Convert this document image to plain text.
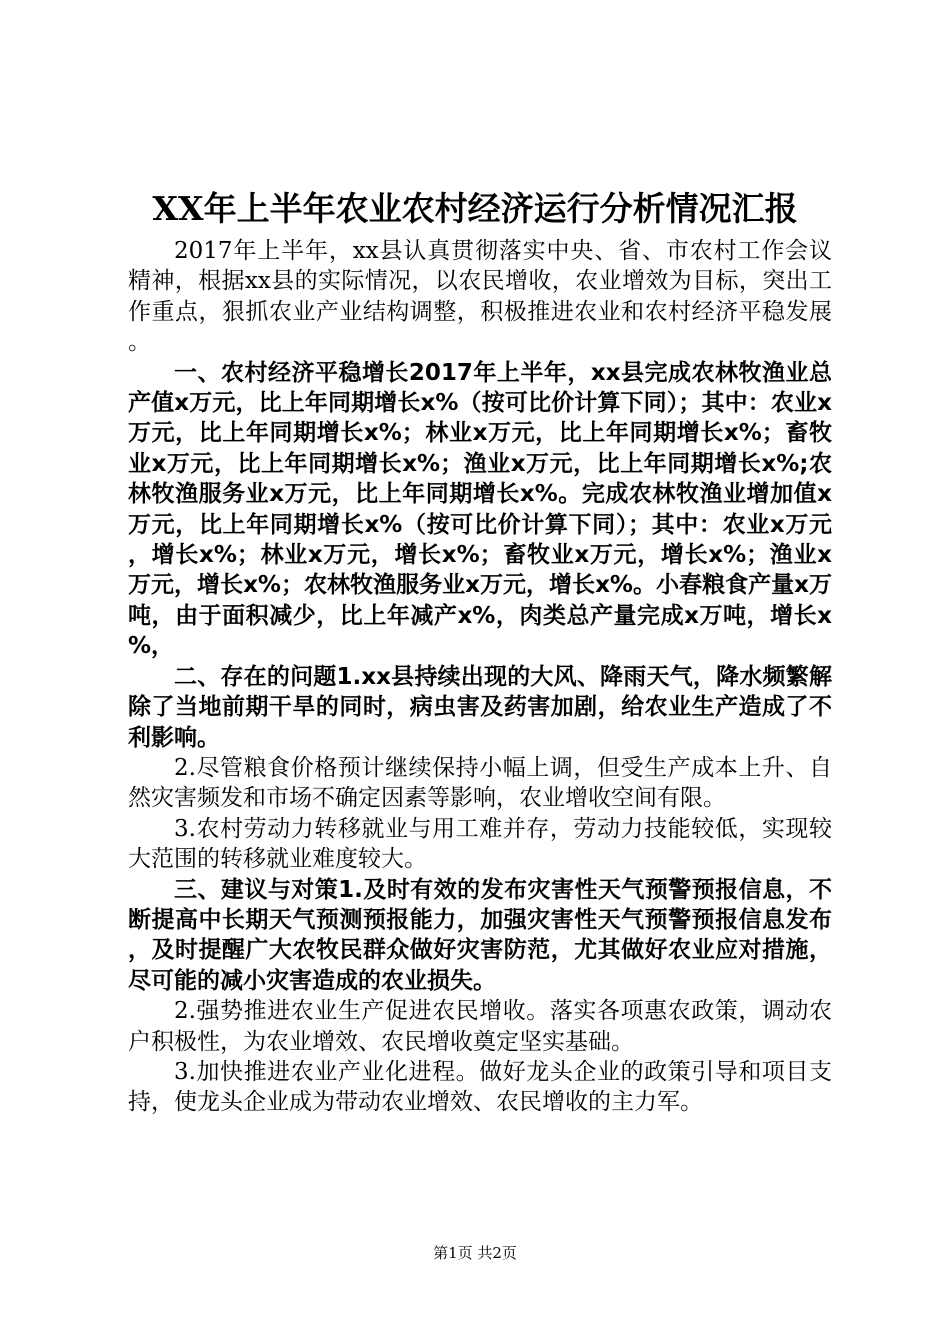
XX年上半年农业农村经济运行分析情况汇报

2017年上半年，xx县认真贯彻落实中央、省、市农村工作会议精神，根据xx县的实际情况，以农民增收，农业增效为目标，突出工作重点，狠抓农业产业结构调整，积极推进农业和农村经济平稳发展。

一、农村经济平稳增长2017年上半年，xx县完成农林牧渔业总产值x万元，比上年同期增长x%（按可比价计算下同）；其中：农业x万元，比上年同期增长x%；林业x万元，比上年同期增长x%；畜牧业x万元，比上年同期增长x%；渔业x万元，比上年同期增长x%;农林牧渔服务业x万元，比上年同期增长x%。完成农林牧渔业增加值x万元，比上年同期增长x%（按可比价计算下同）；其中：农业x万元，增长x%；林业x万元，增长x%；畜牧业x万元，增长x%；渔业x万元，增长x%；农林牧渔服务业x万元，增长x%。小春粮食产量x万吨，由于面积减少，比上年减产x%，肉类总产量完成x万吨，增长x%，

二、存在的问题1.xx县持续出现的大风、降雨天气，降水频繁解除了当地前期干旱的同时，病虫害及药害加剧，给农业生产造成了不利影响。

2.尽管粮食价格预计继续保持小幅上调，但受生产成本上升、自然灾害频发和市场不确定因素等影响，农业增收空间有限。

3.农村劳动力转移就业与用工难并存，劳动力技能较低，实现较大范围的转移就业难度较大。

三、建议与对策1.及时有效的发布灾害性天气预警预报信息，不断提高中长期天气预测预报能力，加强灾害性天气预警预报信息发布，及时提醒广大农牧民群众做好灾害防范，尤其做好农业应对措施，尽可能的减小灾害造成的农业损失。

2.强势推进农业生产促进农民增收。落实各项惠农政策，调动农户积极性，为农业增效、农民增收奠定坚实基础。

3.加快推进农业产业化进程。做好龙头企业的政策引导和项目支持，使龙头企业成为带动农业增效、农民增收的主力军。

第1页 共2页
